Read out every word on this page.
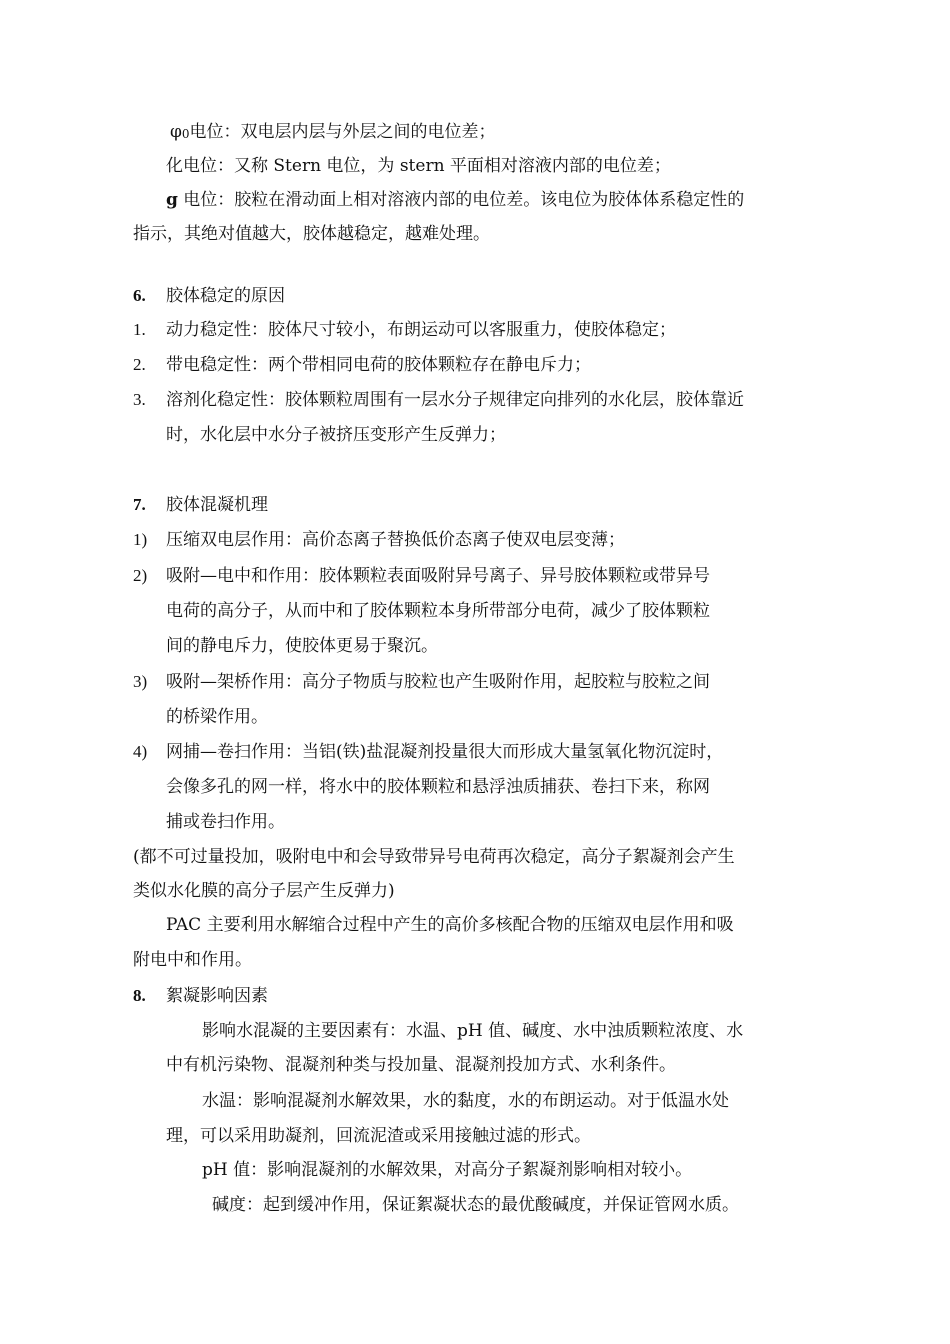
φ0电位：双电层内层与外层之间的电位差；
化电位：又称 Stern 电位，为 stern 平面相对溶液内部的电位差；
g 电位：胶粒在滑动面上相对溶液内部的电位差。该电位为胶体体系稳定性的
指示，其绝对值越大，胶体越稳定，越难处理。
6. 胶体稳定的原因
1. 动力稳定性：胶体尺寸较小，布朗运动可以客服重力，使胶体稳定；
2. 带电稳定性：两个带相同电荷的胶体颗粒存在静电斥力；
3. 溶剂化稳定性：胶体颗粒周围有一层水分子规律定向排列的水化层，胶体靠近
时，水化层中水分子被挤压变形产生反弹力；
7. 胶体混凝机理
1) 压缩双电层作用：高价态离子替换低价态离子使双电层变薄；
2) 吸附—电中和作用：胶体颗粒表面吸附异号离子、异号胶体颗粒或带异号
电荷的高分子，从而中和了胶体颗粒本身所带部分电荷，减少了胶体颗粒
间的静电斥力，使胶体更易于聚沉。
3) 吸附—架桥作用：高分子物质与胶粒也产生吸附作用，起胶粒与胶粒之间
的桥梁作用。
4) 网捕—卷扫作用：当铝(铁)盐混凝剂投量很大而形成大量氢氧化物沉淀时，
会像多孔的网一样，将水中的胶体颗粒和悬浮浊质捕获、卷扫下来，称网
捕或卷扫作用。
(都不可过量投加，吸附电中和会导致带异号电荷再次稳定，高分子絮凝剂会产生
类似水化膜的高分子层产生反弹力)
PAC 主要利用水解缩合过程中产生的高价多核配合物的压缩双电层作用和吸
附电中和作用。
8. 絮凝影响因素
影响水混凝的主要因素有：水温、pH 值、碱度、水中浊质颗粒浓度、水
中有机污染物、混凝剂种类与投加量、混凝剂投加方式、水利条件。
水温：影响混凝剂水解效果，水的黏度，水的布朗运动。对于低温水处
理，可以采用助凝剂，回流泥渣或采用接触过滤的形式。
pH 值：影响混凝剂的水解效果，对高分子絮凝剂影响相对较小。
碱度：起到缓冲作用，保证絮凝状态的最优酸碱度，并保证管网水质。
